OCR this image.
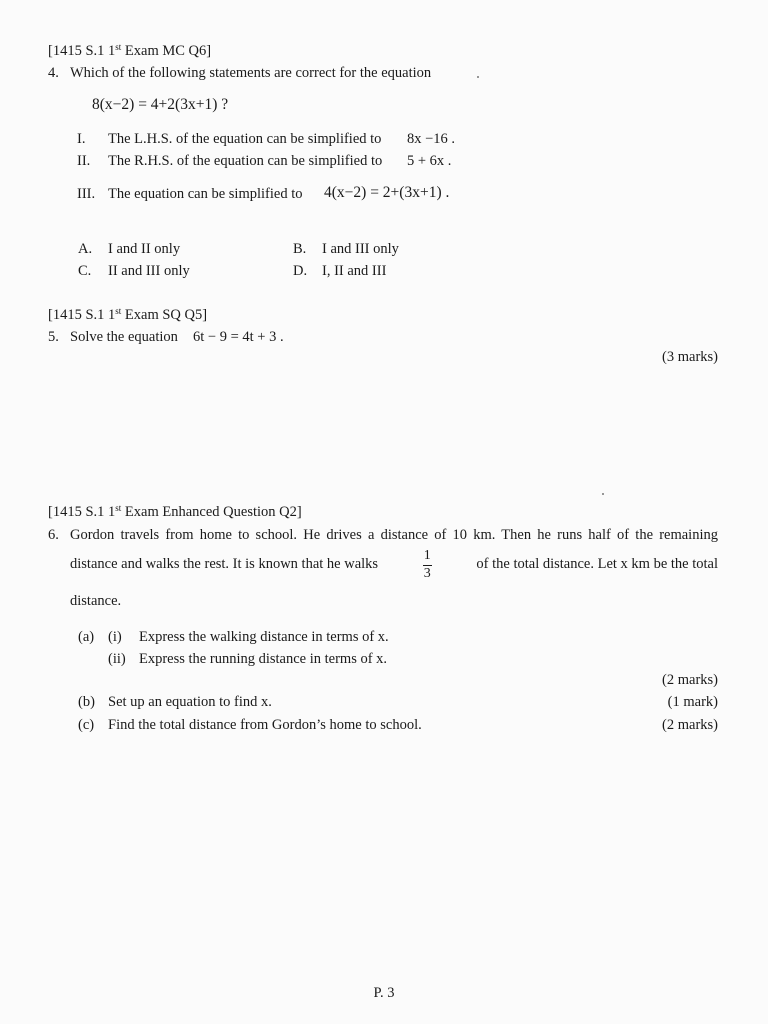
[1415 S.1 1st Exam MC Q6]
4. Which of the following statements are correct for the equation
8(x−2) = 4+2(3x+1) ?
I. The L.H.S. of the equation can be simplified to 8x −16 .
II. The R.H.S. of the equation can be simplified to 5 + 6x .
III. The equation can be simplified to 4(x−2) = 2+(3x+1) .
A. I and II only	B. I and III only
C. II and III only	D. I, II and III
[1415 S.1 1st Exam SQ Q5]
5. Solve the equation 6t − 9 = 4t + 3 .
(3 marks)
[1415 S.1 1st Exam Enhanced Question Q2]
6. Gordon travels from home to school. He drives a distance of 10 km. Then he runs half of the remaining
distance and walks the rest. It is known that he walks	$\frac{1}{3}$	of the total distance. Let x km be the total
distance.
(a) (i) Express the walking distance in terms of x.
(ii) Express the running distance in terms of x.
(2 marks)
(b) Set up an equation to find x.	(1 mark)
(c) Find the total distance from Gordon’s home to school.	(2 marks)
P. 3
